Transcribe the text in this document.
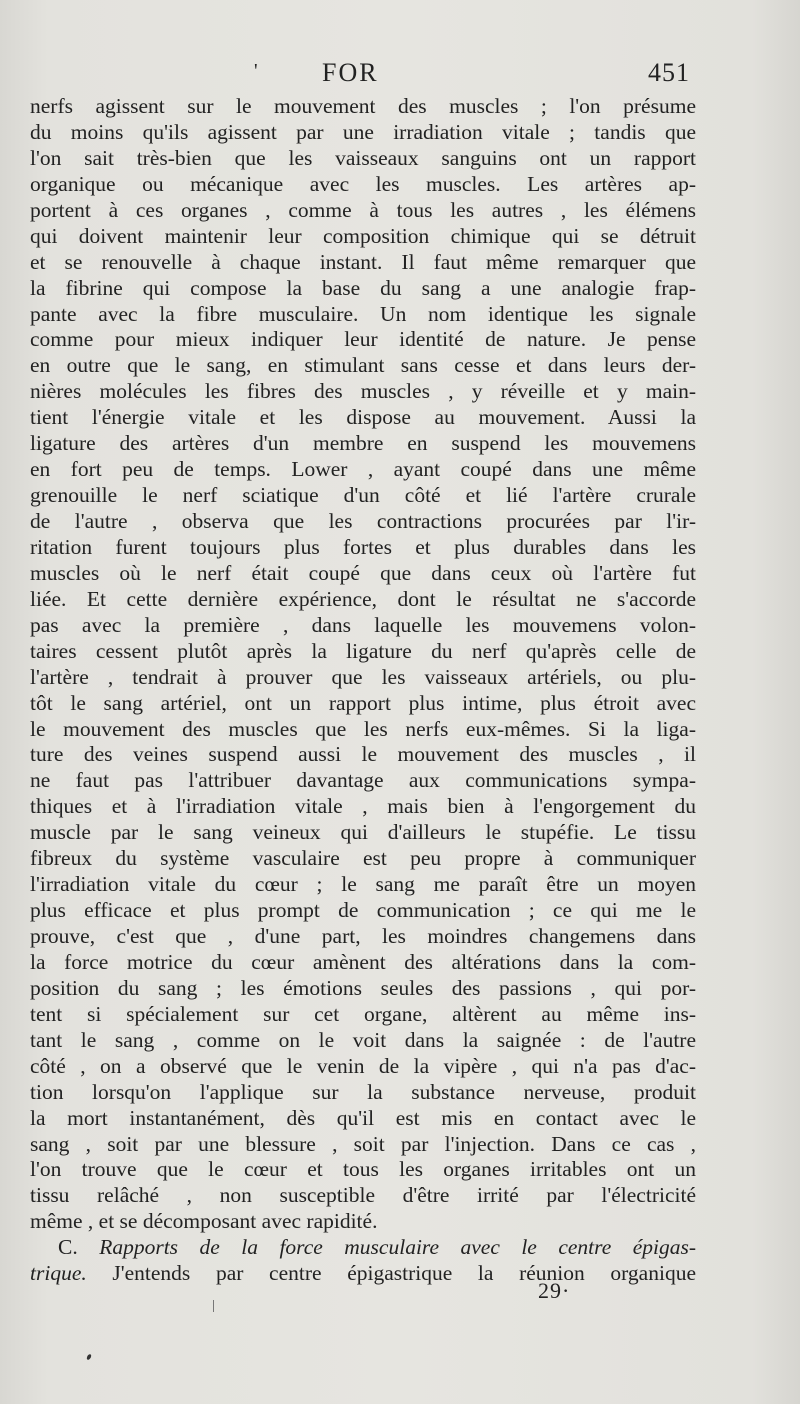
' FOR	451
nerfs agissent sur le mouvement des muscles ; l'on présume
du moins qu'ils agissent par une irradiation vitale ; tandis que
l'on sait très-bien que les vaisseaux sanguins ont un rapport
organique ou mécanique avec les muscles. Les artères ap-
portent à ces organes , comme à tous les autres , les élémens
qui doivent maintenir leur composition chimique qui se détruit
et se renouvelle à chaque instant. Il faut même remarquer que
la fibrine qui compose la base du sang a une analogie frap-
pante avec la fibre musculaire. Un nom identique les signale
comme pour mieux indiquer leur identité de nature. Je pense
en outre que le sang, en stimulant sans cesse et dans leurs der-
nières molécules les fibres des muscles , y réveille et y main-
tient l'énergie vitale et les dispose au mouvement. Aussi la
ligature des artères d'un membre en suspend les mouvemens
en fort peu de temps. Lower , ayant coupé dans une même
grenouille le nerf sciatique d'un côté et lié l'artère crurale
de l'autre , observa que les contractions procurées par l'ir-
ritation furent toujours plus fortes et plus durables dans les
muscles où le nerf était coupé que dans ceux où l'artère fut
liée. Et cette dernière expérience, dont le résultat ne s'accorde
pas avec la première , dans laquelle les mouvemens volon-
taires cessent plutôt après la ligature du nerf qu'après celle de
l'artère , tendrait à prouver que les vaisseaux artériels, ou plu-
tôt le sang artériel, ont un rapport plus intime, plus étroit avec
le mouvement des muscles que les nerfs eux-mêmes. Si la liga-
ture des veines suspend aussi le mouvement des muscles , il
ne faut pas l'attribuer davantage aux communications sympa-
thiques et à l'irradiation vitale , mais bien à l'engorgement du
muscle par le sang veineux qui d'ailleurs le stupéfie. Le tissu
fibreux du système vasculaire est peu propre à communiquer
l'irradiation vitale du cœur ; le sang me paraît être un moyen
plus efficace et plus prompt de communication ; ce qui me le
prouve, c'est que , d'une part, les moindres changemens dans
la force motrice du cœur amènent des altérations dans la com-
position du sang ; les émotions seules des passions , qui por-
tent si spécialement sur cet organe, altèrent au même ins-
tant le sang , comme on le voit dans la saignée : de l'autre
côté , on a observé que le venin de la vipère , qui n'a pas d'ac-
tion lorsqu'on l'applique sur la substance nerveuse, produit
la mort instantanément, dès qu'il est mis en contact avec le
sang , soit par une blessure , soit par l'injection. Dans ce cas ,
l'on trouve que le cœur et tous les organes irritables ont un
tissu relâché , non susceptible d'être irrité par l'électricité
même , et se décomposant avec rapidité.
C. Rapports de la force musculaire avec le centre épigas-
trique. J'entends par centre épigastrique la réunion organique
29·
